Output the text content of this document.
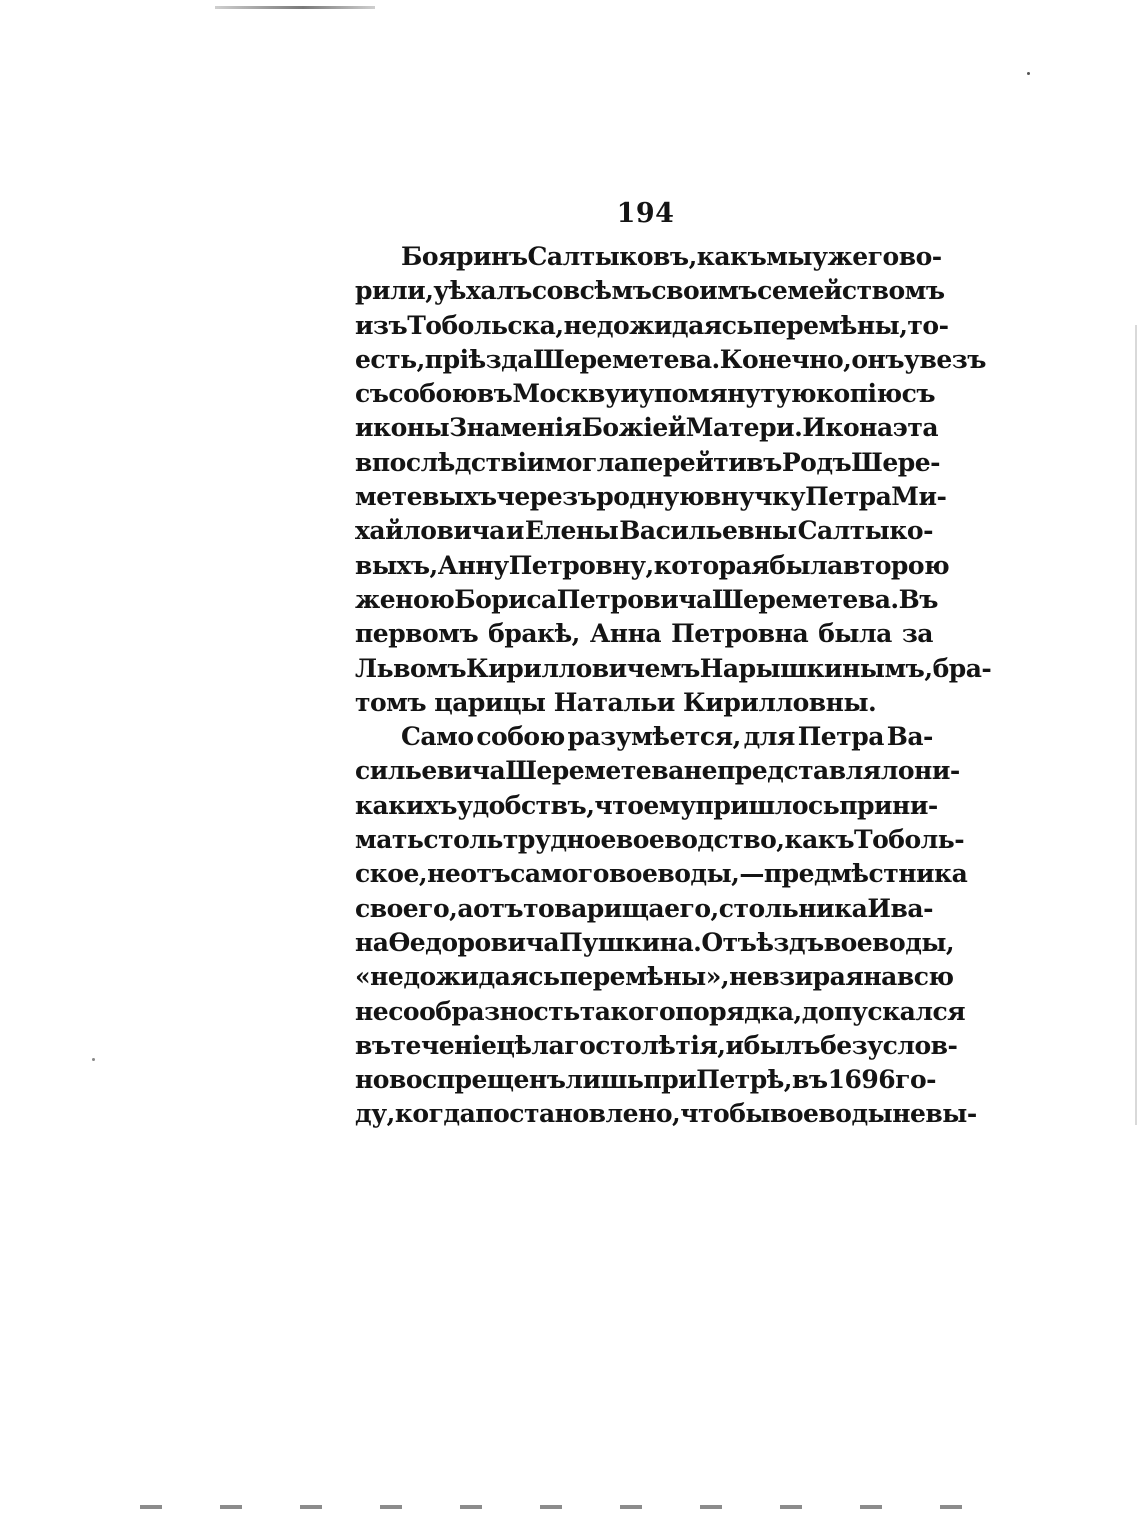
194
Бояринъ Салтыковъ, какъ мы уже гово-
рили, уѣхалъ со всѣмъ своимъ семействомъ
изъ Тобольска, не дожидаясь перемѣны, то-
есть, пріѣзда Шереметева. Конечно, онъ увезъ
съ собою въ Москву и упомянутую копію съ
иконы Знаменія Божіей Матери. Икона эта
впослѣдствіи могла перейти въ Родъ Шере-
метевыхъ черезъ родную внучку Петра Ми-
хайловича и Елены Васильевны Салтыко-
выхъ, Анну Петровну, которая была второю
женою Бориса Петровича Шереметева. Въ
первомъ бракѣ, Анна Петровна была за
Львомъ Кирилловичемъ Нарышкинымъ, бра-
томъ царицы Натальи Кирилловны.
Само собою разумѣется, для Петра Ва-
сильевича Шереметева не представляло ни-
какихъ удобствъ, что ему пришлось прини-
мать столь трудное воеводство, какъ Тоболь-
ское, не отъ самого воеводы,—предмѣстника
своего, а отъ товарища его, стольника Ива-
на Өедоровича Пушкина. Отъѣздъ воеводы,
«не дожидаясь перемѣны», не взирая на всю
несообразность такого порядка, допускался
въ теченіе цѣлаго столѣтія, и былъ безуслов-
но воспрещенъ лишь при Петрѣ, въ 1696 го-
ду, когда постановлено, чтобы воеводы не вы-
